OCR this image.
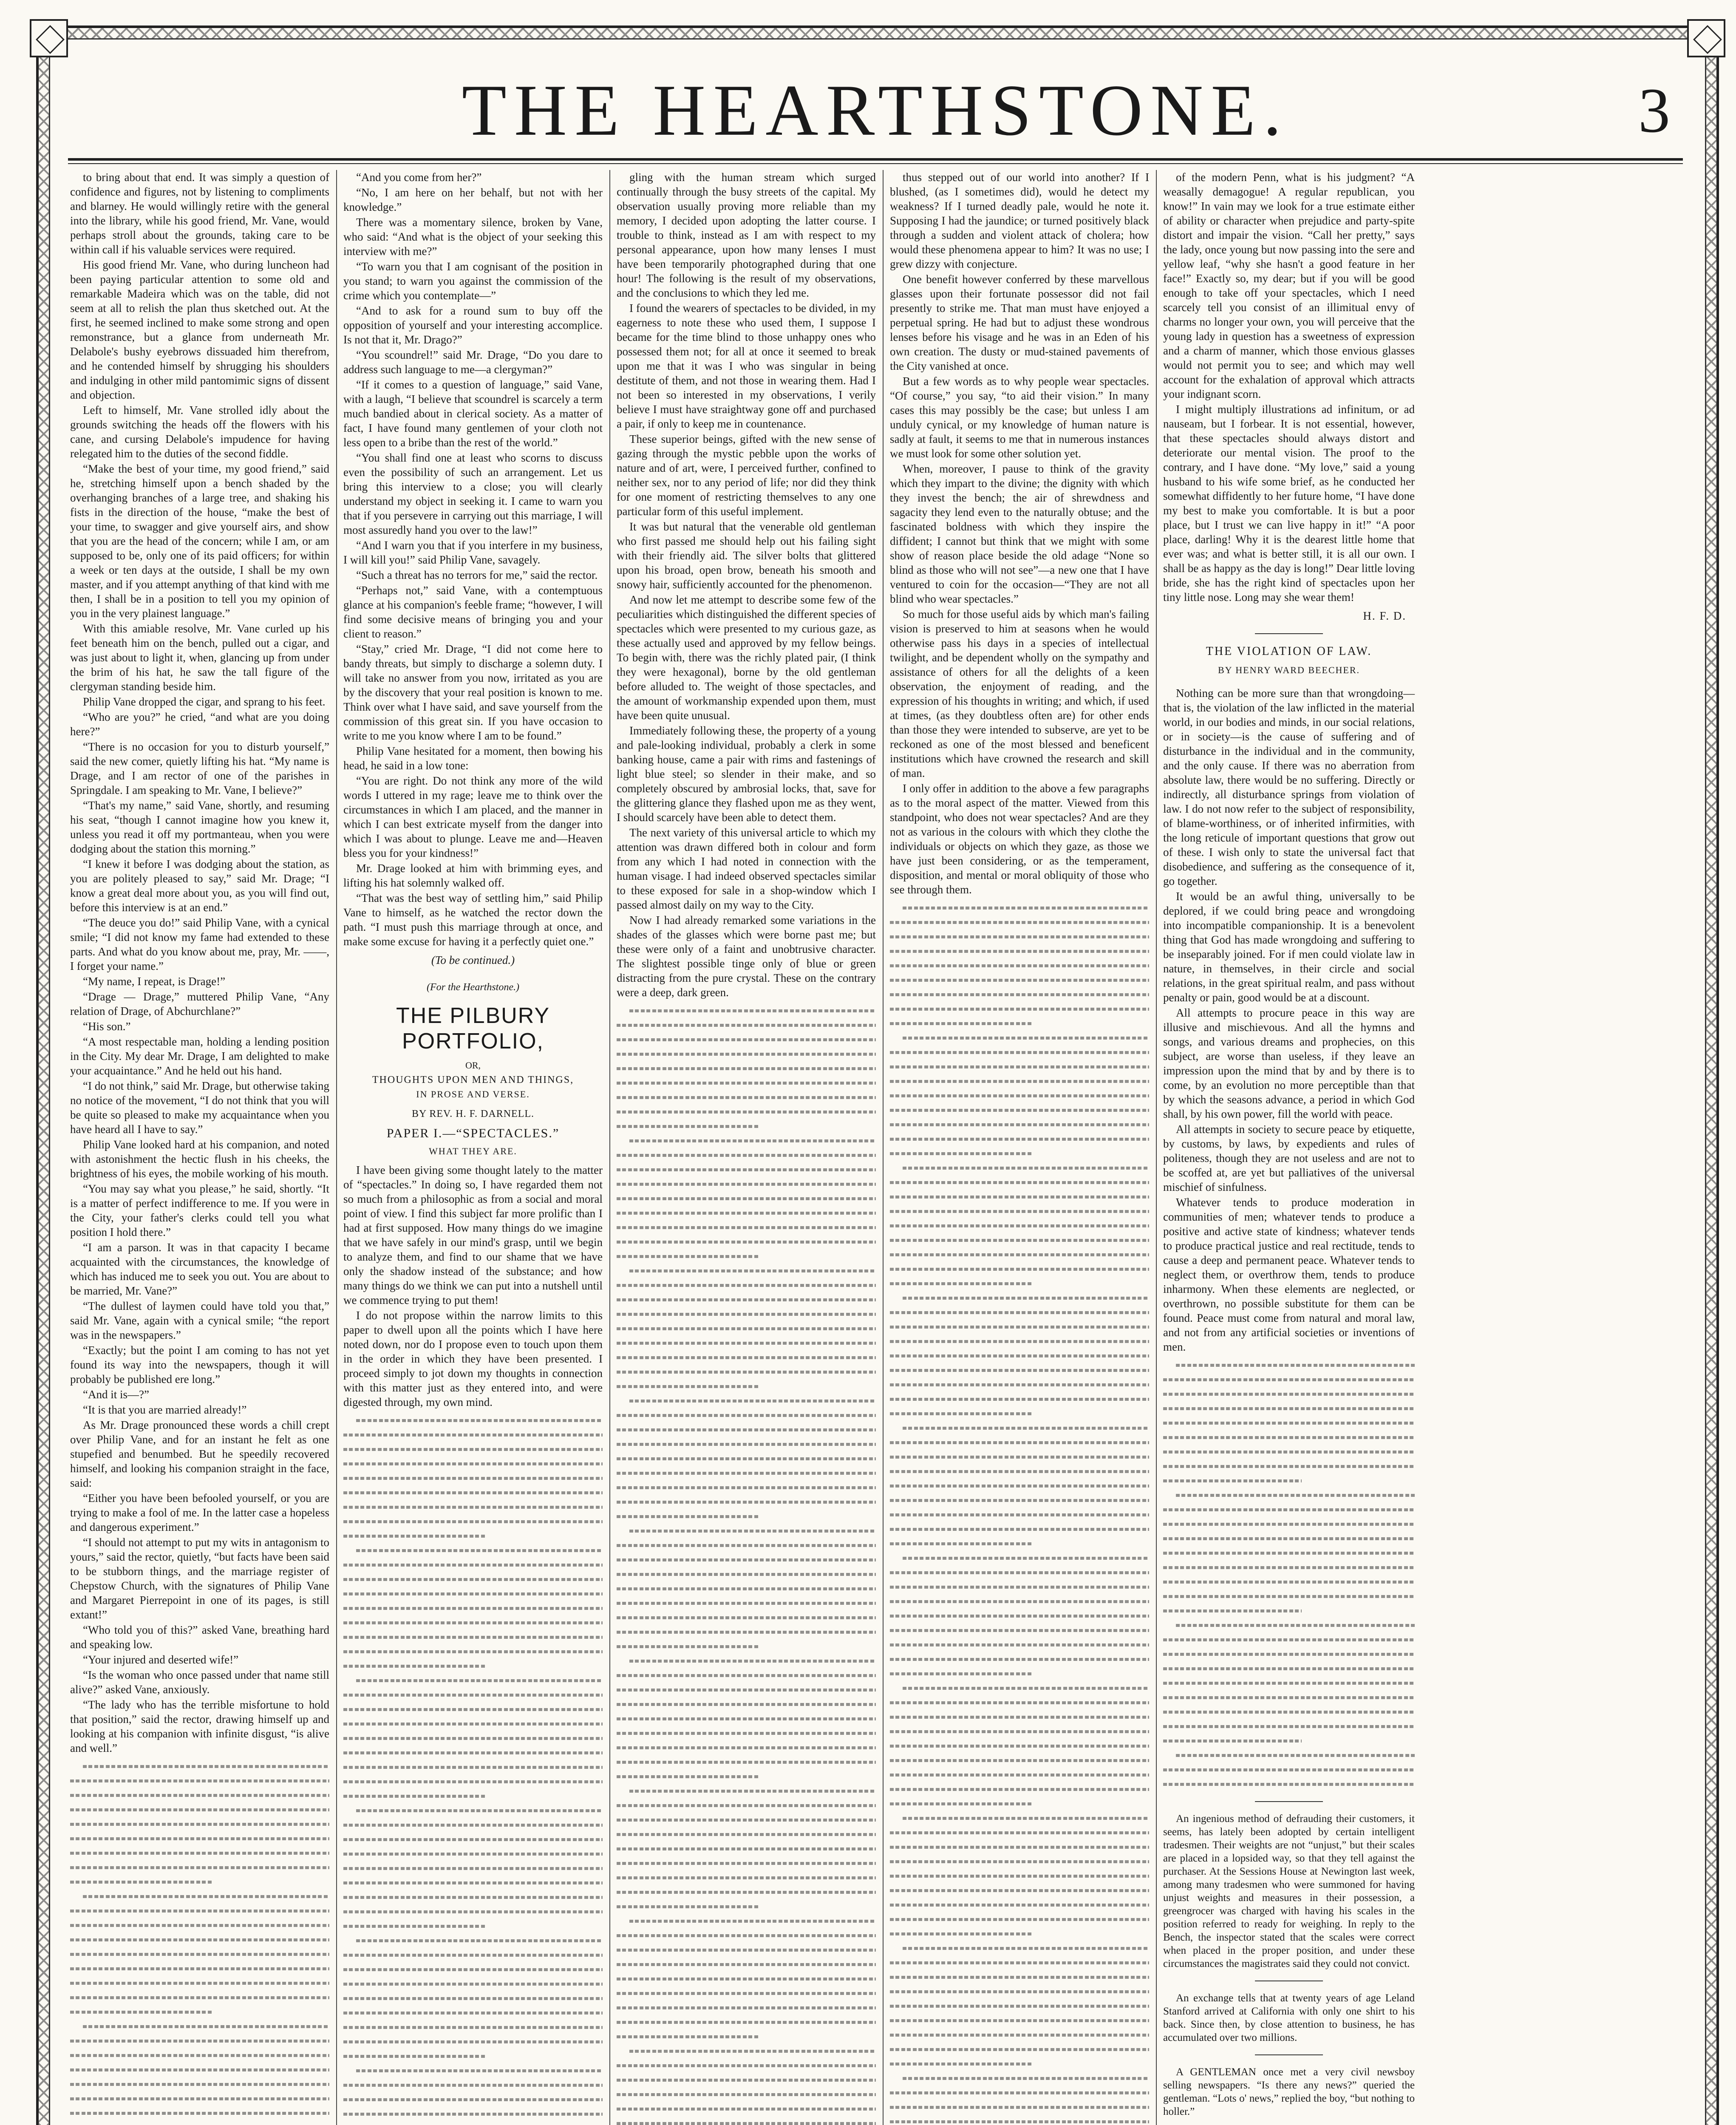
THE HEARTHSTONE.	3

to bring about that end. It was simply a question of confidence and figures, not by listening to compliments and blarney. He would willingly retire with the general into the library, while his good friend, Mr. Vane, would perhaps stroll about the grounds, taking care to be within call if his valuable services were required.

His good friend Mr. Vane, who during luncheon had been paying particular attention to some old and remarkable Madeira which was on the table, did not seem at all to relish the plan thus sketched out. At the first, he seemed inclined to make some strong and open remonstrance, but a glance from underneath Mr. Delabole's bushy eyebrows dissuaded him therefrom, and he contended himself by shrugging his shoulders and indulging in other mild pantomimic signs of dissent and objection.

Left to himself, Mr. Vane strolled idly about the grounds switching the heads off the flowers with his cane, and cursing Delabole's impudence for having relegated him to the duties of the second fiddle.

“Make the best of your time, my good friend,” said he, stretching himself upon a bench shaded by the overhanging branches of a large tree, and shaking his fists in the direction of the house, “make the best of your time, to swagger and give yourself airs, and show that you are the head of the concern; while I am, or am supposed to be, only one of its paid officers; for within a week or ten days at the outside, I shall be my own master, and if you attempt anything of that kind with me then, I shall be in a position to tell you my opinion of you in the very plainest language.”

With this amiable resolve, Mr. Vane curled up his feet beneath him on the bench, pulled out a cigar, and was just about to light it, when, glancing up from under the brim of his hat, he saw the tall figure of the clergyman standing beside him.

Philip Vane dropped the cigar, and sprang to his feet.

“Who are you?” he cried, “and what are you doing here?”

“There is no occasion for you to disturb yourself,” said the new comer, quietly lifting his hat. “My name is Drage, and I am rector of one of the parishes in Springdale. I am speaking to Mr. Vane, I believe?”

“That's my name,” said Vane, shortly, and resuming his seat, “though I cannot imagine how you knew it, unless you read it off my portmanteau, when you were dodging about the station this morning.”

“I knew it before I was dodging about the station, as you are politely pleased to say,” said Mr. Drage; “I know a great deal more about you, as you will find out, before this interview is at an end.”

“The deuce you do!” said Philip Vane, with a cynical smile; “I did not know my fame had extended to these parts. And what do you know about me, pray, Mr. ——, I forget your name.”

“My name, I repeat, is Drage!”

“Drage — Drage,” muttered Philip Vane, “Any relation of Drage, of Abchurchlane?”

“His son.”

“A most respectable man, holding a lending position in the City. My dear Mr. Drage, I am delighted to make your acquaintance.” And he held out his hand.

“I do not think,” said Mr. Drage, but otherwise taking no notice of the movement, “I do not think that you will be quite so pleased to make my acquaintance when you have heard all I have to say.”

Philip Vane looked hard at his companion, and noted with astonishment the hectic flush in his cheeks, the brightness of his eyes, the mobile working of his mouth.

“You may say what you please,” he said, shortly. “It is a matter of perfect indifference to me. If you were in the City, your father's clerks could tell you what position I hold there.”

“I am a parson. It was in that capacity I became acquainted with the circumstances, the knowledge of which has induced me to seek you out. You are about to be married, Mr. Vane?”

“The dullest of laymen could have told you that,” said Mr. Vane, again with a cynical smile; “the report was in the newspapers.”

“Exactly; but the point I am coming to has not yet found its way into the newspapers, though it will probably be published ere long.”

“And it is—?”

“It is that you are married already!”

As Mr. Drage pronounced these words a chill crept over Philip Vane, and for an instant he felt as one stupefied and benumbed. But he speedily recovered himself, and looking his companion straight in the face, said:

“Either you have been befooled yourself, or you are trying to make a fool of me. In the latter case a hopeless and dangerous experiment.”

“I should not attempt to put my wits in antagonism to yours,” said the rector, quietly, “but facts have been said to be stubborn things, and the marriage register of Chepstow Church, with the signatures of Philip Vane and Margaret Pierrepoint in one of its pages, is still extant!”

“Who told you of this?” asked Vane, breathing hard and speaking low.

“Your injured and deserted wife!”

“Is the woman who once passed under that name still alive?” asked Vane, anxiously.

“The lady who has the terrible misfortune to hold that position,” said the rector, drawing himself up and looking at his companion with infinite disgust, “is alive and well.”

“And you come from her?”

“No, I am here on her behalf, but not with her knowledge.”

There was a momentary silence, broken by Vane, who said: “And what is the object of your seeking this interview with me?”

“To warn you that I am cognisant of the position in you stand; to warn you against the commission of the crime which you contemplate—”

“And to ask for a round sum to buy off the opposition of yourself and your interesting accomplice. Is not that it, Mr. Drago?”

“You scoundrel!” said Mr. Drage, “Do you dare to address such language to me—a clergyman?”

“If it comes to a question of language,” said Vane, with a laugh, “I believe that scoundrel is scarcely a term much bandied about in clerical society. As a matter of fact, I have found many gentlemen of your cloth not less open to a bribe than the rest of the world.”

“You shall find one at least who scorns to discuss even the possibility of such an arrangement. Let us bring this interview to a close; you will clearly understand my object in seeking it. I came to warn you that if you persevere in carrying out this marriage, I will most assuredly hand you over to the law!”

“And I warn you that if you interfere in my business, I will kill you!” said Philip Vane, savagely.

“Such a threat has no terrors for me,” said the rector.

“Perhaps not,” said Vane, with a contemptuous glance at his companion's feeble frame; “however, I will find some decisive means of bringing you and your client to reason.”

“Stay,” cried Mr. Drage, “I did not come here to bandy threats, but simply to discharge a solemn duty. I will take no answer from you now, irritated as you are by the discovery that your real position is known to me. Think over what I have said, and save yourself from the commission of this great sin. If you have occasion to write to me you know where I am to be found.”

Philip Vane hesitated for a moment, then bowing his head, he said in a low tone:

“You are right. Do not think any more of the wild words I uttered in my rage; leave me to think over the circumstances in which I am placed, and the manner in which I can best extricate myself from the danger into which I was about to plunge. Leave me and—Heaven bless you for your kindness!”

Mr. Drage looked at him with brimming eyes, and lifting his hat solemnly walked off.

“That was the best way of settling him,” said Philip Vane to himself, as he watched the rector down the path. “I must push this marriage through at once, and make some excuse for having it a perfectly quiet one.”

(To be continued.)
(For the Hearthstone.)
THE PILBURY PORTFOLIO,
OR,
THOUGHTS UPON MEN AND THINGS,
IN PROSE AND VERSE.
BY REV. H. F. DARNELL.
PAPER I.—“SPECTACLES.”
WHAT THEY ARE.

I have been giving some thought lately to the matter of “spectacles.” In doing so, I have regarded them not so much from a philosophic as from a social and moral point of view. I find this subject far more prolific than I had at first supposed. How many things do we imagine that we have safely in our mind's grasp, until we begin to analyze them, and find to our shame that we have only the shadow instead of the substance; and how many things do we think we can put into a nutshell until we commence trying to put them!

I do not propose within the narrow limits to this paper to dwell upon all the points which I have here noted down, nor do I propose even to touch upon them in the order in which they have been presented. I proceed simply to jot down my thoughts in connection with this matter just as they entered into, and were digested through, my own mind.

gling with the human stream which surged continually through the busy streets of the capital. My observation usually proving more reliable than my memory, I decided upon adopting the latter course. I trouble to think, instead as I am with respect to my personal appearance, upon how many lenses I must have been temporarily photographed during that one hour! The following is the result of my observations, and the conclusions to which they led me.

I found the wearers of spectacles to be divided, in my eagerness to note these who used them, I suppose I became for the time blind to those unhappy ones who possessed them not; for all at once it seemed to break upon me that it was I who was singular in being destitute of them, and not those in wearing them. Had I not been so interested in my observations, I verily believe I must have straightway gone off and purchased a pair, if only to keep me in countenance.

These superior beings, gifted with the new sense of gazing through the mystic pebble upon the works of nature and of art, were, I perceived further, confined to neither sex, nor to any period of life; nor did they think for one moment of restricting themselves to any one particular form of this useful implement.

It was but natural that the venerable old gentleman who first passed me should help out his failing sight with their friendly aid. The silver bolts that glittered upon his broad, open brow, beneath his smooth and snowy hair, sufficiently accounted for the phenomenon.

And now let me attempt to describe some few of the peculiarities which distinguished the different species of spectacles which were presented to my curious gaze, as these actually used and approved by my fellow beings. To begin with, there was the richly plated pair, (I think they were hexagonal), borne by the old gentleman before alluded to. The weight of those spectacles, and the amount of workmanship expended upon them, must have been quite unusual.

Immediately following these, the property of a young and pale-looking individual, probably a clerk in some banking house, came a pair with rims and fastenings of light blue steel; so slender in their make, and so completely obscured by ambrosial locks, that, save for the glittering glance they flashed upon me as they went, I should scarcely have been able to detect them.

The next variety of this universal article to which my attention was drawn differed both in colour and form from any which I had noted in connection with the human visage. I had indeed observed spectacles similar to these exposed for sale in a shop-window which I passed almost daily on my way to the City.

Now I had already remarked some variations in the shades of the glasses which were borne past me; but these were only of a faint and unobtrusive character. The slightest possible tinge only of blue or green distracting from the pure crystal. These on the contrary were a deep, dark green.

thus stepped out of our world into another? If I blushed, (as I sometimes did), would he detect my weakness? If I turned deadly pale, would he note it. Supposing I had the jaundice; or turned positively black through a sudden and violent attack of cholera; how would these phenomena appear to him? It was no use; I grew dizzy with conjecture.

One benefit however conferred by these marvellous glasses upon their fortunate possessor did not fail presently to strike me. That man must have enjoyed a perpetual spring. He had but to adjust these wondrous lenses before his visage and he was in an Eden of his own creation. The dusty or mud-stained pavements of the City vanished at once.

But a few words as to why people wear spectacles. “Of course,” you say, “to aid their vision.” In many cases this may possibly be the case; but unless I am unduly cynical, or my knowledge of human nature is sadly at fault, it seems to me that in numerous instances we must look for some other solution yet.

When, moreover, I pause to think of the gravity which they impart to the divine; the dignity with which they invest the bench; the air of shrewdness and sagacity they lend even to the naturally obtuse; and the fascinated boldness with which they inspire the diffident; I cannot but think that we might with some show of reason place beside the old adage “None so blind as those who will not see”—a new one that I have ventured to coin for the occasion—“They are not all blind who wear spectacles.”

So much for those useful aids by which man's failing vision is preserved to him at seasons when he would otherwise pass his days in a species of intellectual twilight, and be dependent wholly on the sympathy and assistance of others for all the delights of a keen observation, the enjoyment of reading, and the expression of his thoughts in writing; and which, if used at times, (as they doubtless often are) for other ends than those they were intended to subserve, are yet to be reckoned as one of the most blessed and beneficent institutions which have crowned the research and skill of man.

I only offer in addition to the above a few paragraphs as to the moral aspect of the matter. Viewed from this standpoint, who does not wear spectacles? And are they not as various in the colours with which they clothe the individuals or objects on which they gaze, as those we have just been considering, or as the temperament, disposition, and mental or moral obliquity of those who see through them.

of the modern Penn, what is his judgment? “A weasally demagogue! A regular republican, you know!” In vain may we look for a true estimate either of ability or character when prejudice and party-spite distort and impair the vision. “Call her pretty,” says the lady, once young but now passing into the sere and yellow leaf, “why she hasn't a good feature in her face!” Exactly so, my dear; but if you will be good enough to take off your spectacles, which I need scarcely tell you consist of an illimitual envy of charms no longer your own, you will perceive that the young lady in question has a sweetness of expression and a charm of manner, which those envious glasses would not permit you to see; and which may well account for the exhalation of approval which attracts your indignant scorn.

I might multiply illustrations ad infinitum, or ad nauseam, but I forbear. It is not essential, however, that these spectacles should always distort and deteriorate our mental vision. The proof to the contrary, and I have done. “My love,” said a young husband to his wife some brief, as he conducted her somewhat diffidently to her future home, “I have done my best to make you comfortable. It is but a poor place, but I trust we can live happy in it!” “A poor place, darling! Why it is the dearest little home that ever was; and what is better still, it is all our own. I shall be as happy as the day is long!” Dear little loving bride, she has the right kind of spectacles upon her tiny little nose. Long may she wear them!

H. F. D.
THE VIOLATION OF LAW.
BY HENRY WARD BEECHER.

Nothing can be more sure than that wrongdoing—that is, the violation of the law inflicted in the material world, in our bodies and minds, in our social relations, or in society—is the cause of suffering and of disturbance in the individual and in the community, and the only cause. If there was no aberration from absolute law, there would be no suffering. Directly or indirectly, all disturbance springs from violation of law. I do not now refer to the subject of responsibility, of blame-worthiness, or of inherited infirmities, with the long reticule of important questions that grow out of these. I wish only to state the universal fact that disobedience, and suffering as the consequence of it, go together.

It would be an awful thing, universally to be deplored, if we could bring peace and wrongdoing into incompatible companionship. It is a benevolent thing that God has made wrongdoing and suffering to be inseparably joined. For if men could violate law in nature, in themselves, in their circle and social relations, in the great spiritual realm, and pass without penalty or pain, good would be at a discount.

All attempts to procure peace in this way are illusive and mischievous. And all the hymns and songs, and various dreams and prophecies, on this subject, are worse than useless, if they leave an impression upon the mind that by and by there is to come, by an evolution no more perceptible than that by which the seasons advance, a period in which God shall, by his own power, fill the world with peace.

All attempts in society to secure peace by etiquette, by customs, by laws, by expedients and rules of politeness, though they are not useless and are not to be scoffed at, are yet but palliatives of the universal mischief of sinfulness.

Whatever tends to produce moderation in communities of men; whatever tends to produce a positive and active state of kindness; whatever tends to produce practical justice and real rectitude, tends to cause a deep and permanent peace. Whatever tends to neglect them, or overthrow them, tends to produce inharmony. When these elements are neglected, or overthrown, no possible substitute for them can be found. Peace must come from natural and moral law, and not from any artificial societies or inventions of men.

An ingenious method of defrauding their customers, it seems, has lately been adopted by certain intelligent tradesmen. Their weights are not “unjust,” but their scales are placed in a lopsided way, so that they tell against the purchaser. At the Sessions House at Newington last week, among many tradesmen who were summoned for having unjust weights and measures in their possession, a greengrocer was charged with having his scales in the position referred to ready for weighing. In reply to the Bench, the inspector stated that the scales were correct when placed in the proper position, and under these circumstances the magistrates said they could not convict.

An exchange tells that at twenty years of age Leland Stanford arrived at California with only one shirt to his back. Since then, by close attention to business, he has accumulated over two millions.

A GENTLEMAN once met a very civil newsboy selling newspapers. “Is there any news?” queried the gentleman. “Lots o' news,” replied the boy, “but nothing to holler.”
